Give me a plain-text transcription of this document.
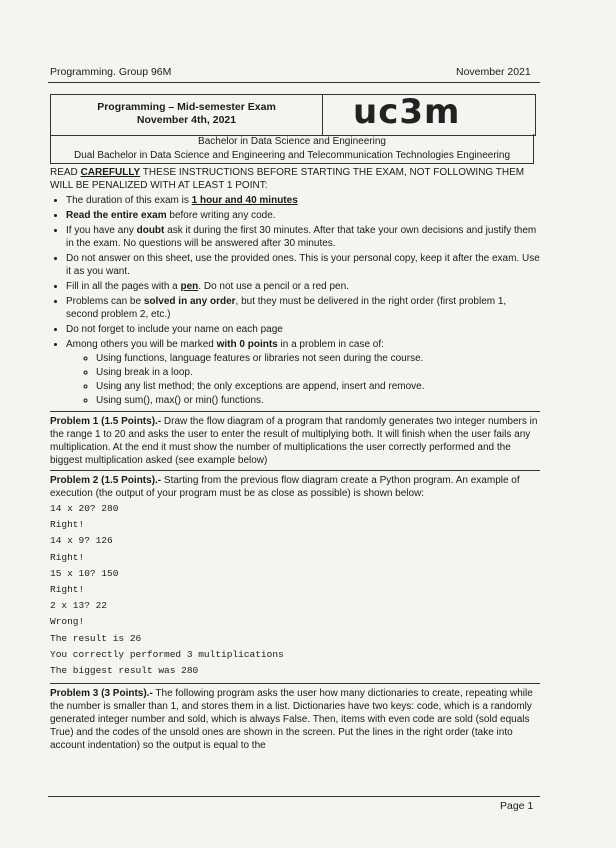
Programming. Group 96M	November 2021
Programming – Mid-semester Exam
November 4th, 2021	uc3m
Bachelor in Data Science and Engineering
Dual Bachelor in Data Science and Engineering and Telecommunication Technologies Engineering

READ CAREFULLY THESE INSTRUCTIONS BEFORE STARTING THE EXAM, NOT FOLLOWING THEM WILL BE PENALIZED WITH AT LEAST 1 POINT:

• The duration of this exam is 1 hour and 40 minutes
• Read the entire exam before writing any code.
• If you have any doubt ask it during the first 30 minutes. After that take your own decisions and justify them in the exam. No questions will be answered after 30 minutes.
• Do not answer on this sheet, use the provided ones. This is your personal copy, keep it after the exam. Use it as you want.
• Fill in all the pages with a pen. Do not use a pencil or a red pen.
• Problems can be solved in any order, but they must be delivered in the right order (first problem 1, second problem 2, etc.)
• Do not forget to include your name on each page
• Among others you will be marked with 0 points in a problem in case of:
◦ Using functions, language features or libraries not seen during the course.
◦ Using break in a loop.
◦ Using any list method; the only exceptions are append, insert and remove.
◦ Using sum(), max() or min() functions.
Problem 1 (1.5 Points).- Draw the flow diagram of a program that randomly generates two integer numbers in the range 1 to 20 and asks the user to enter the result of multiplying both. It will finish when the user fails any multiplication. At the end it must show the number of multiplications the user correctly performed and the biggest multiplication asked (see example below)
Problem 2 (1.5 Points).- Starting from the previous flow diagram create a Python program. An example of execution (the output of your program must be as close as possible) is shown below:
14 x 20? 280
Right!
14 x 9? 126
Right!
15 x 10? 150
Right!
2 x 13? 22
Wrong!
The result is 26
You correctly performed 3 multiplications
The biggest result was 280
Problem 3 (3 Points).- The following program asks the user how many dictionaries to create, repeating while the number is smaller than 1, and stores them in a list. Dictionaries have two keys: code, which is a randomly generated integer number and sold, which is always False. Then, items with even code are sold (sold equals True) and the codes of the unsold ones are shown in the screen. Put the lines in the right order (take into account indentation) so the output is equal to the
Page 1
